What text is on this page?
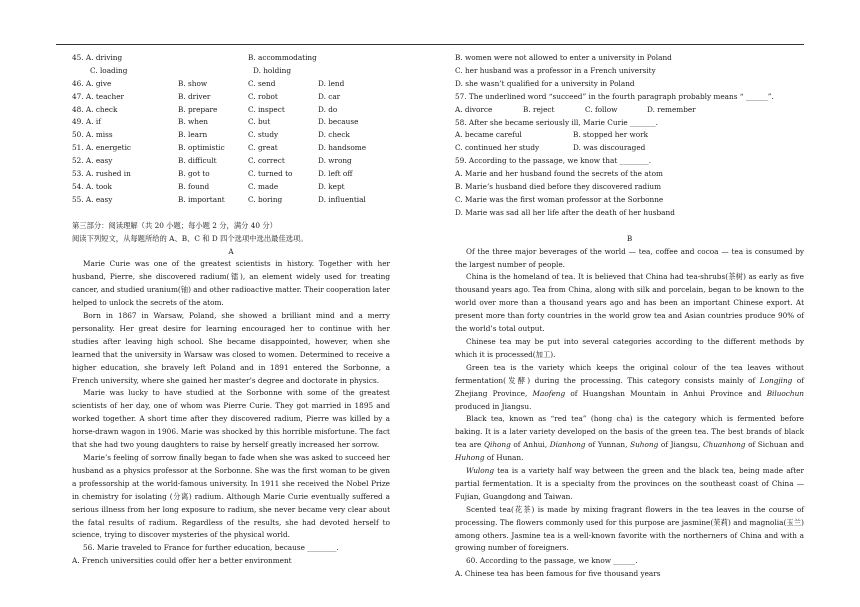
45. A. driving	B. accommodating
C. loading	D. holding
46. A. give	B. show	C. send	D. lend
47. A. teacher	B. driver	C. robot	D. car
48. A. check	B. prepare	C. inspect	D. do
49. A. if	B. when	C. but	D. because
50. A. miss	B. learn	C. study	D. check
51. A. energetic	B. optimistic	C. great	D. handsome
52. A. easy	B. difficult	C. correct	D. wrong
53. A. rushed in	B. got to	C. turned to	D. left off
54. A. took	B. found	C. made	D. kept
55. A. easy	B. important	C. boring	D. influential
第三部分：阅读理解（共 20 小题；每小题 2 分，满分 40 分）
阅读下列短文，从每题所给的 A、B、C 和 D 四个选项中选出最佳选项。
A
Marie Curie was one of the greatest scientists in history. Together with her husband, Pierre, she discovered radium(镭), an element widely used for treating cancer, and studied uranium(铀) and other radioactive matter. Their cooperation later helped to unlock the secrets of the atom.
Born in 1867 in Warsaw, Poland, she showed a brilliant mind and a merry personality. Her great desire for learning encouraged her to continue with her studies after leaving high school. She became disappointed, however, when she learned that the university in Warsaw was closed to women. Determined to receive a higher education, she bravely left Poland and in 1891 entered the Sorbonne, a French university, where she gained her master’s degree and doctorate in physics.
Marie was lucky to have studied at the Sorbonne with some of the greatest scientists of her day, one of whom was Pierre Curie. They got married in 1895 and worked together. A short time after they discovered radium, Pierre was killed by a horse-drawn wagon in 1906. Marie was shocked by this horrible misfortune. The fact that she had two young daughters to raise by herself greatly increased her sorrow.
Marie’s feeling of sorrow finally began to fade when she was asked to succeed her husband as a physics professor at the Sorbonne. She was the first woman to be given a professorship at the world-famous university. In 1911 she received the Nobel Prize in chemistry for isolating (分离) radium. Although Marie Curie eventually suffered a serious illness from her long exposure to radium, she never became very clear about the fatal results of radium. Regardless of the results, she had devoted herself to science, trying to discover mysteries of the physical world.
56. Marie traveled to France for further education, because ________.
A. French universities could offer her a better environment
B. women were not allowed to enter a university in Poland
C. her husband was a professor in a French university
D. she wasn’t qualified for a university in Poland
57. The underlined word “succeed” in the fourth paragraph probably means “ ______”.
A. divorce	B. reject	C. follow	D. remember
58. After she became seriously ill, Marie Curie _______.
A. became careful	B. stopped her work
C. continued her study	D. was discouraged
59. According to the passage, we know that ________.
A. Marie and her husband found the secrets of the atom
B. Marie’s husband died before they discovered radium
C. Marie was the first woman professor at the Sorbonne
D. Marie was sad all her life after the death of her husband
B
Of the three major beverages of the world — tea, coffee and cocoa — tea is consumed by the largest number of people.
China is the homeland of tea. It is believed that China had tea-shrubs(茶树) as early as five thousand years ago. Tea from China, along with silk and porcelain, began to be known to the world over more than a thousand years ago and has been an important Chinese export. At present more than forty countries in the world grow tea and Asian countries produce 90% of the world’s total output.
Chinese tea may be put into several categories according to the different methods by which it is processed(加工).
Green tea is the variety which keeps the original colour of the tea leaves without fermentation(发酵) during the processing. This category consists mainly of Longjing of Zhejiang Province, Maofeng of Huangshan Mountain in Anhui Province and Biluochun produced in Jiangsu.
Black tea, known as “red tea” (hong cha) is the category which is fermented before baking. It is a later variety developed on the basis of the green tea. The best brands of black tea are Qihong of Anhui, Dianhong of Yunnan, Suhong of Jiangsu, Chuanhong of Sichuan and Huhong of Hunan.
Wulong tea is a variety half way between the green and the black tea, being made after partial fermentation. It is a specialty from the provinces on the southeast coast of China — Fujian, Guangdong and Taiwan.
Scented tea(花茶) is made by mixing fragrant flowers in the tea leaves in the course of processing. The flowers commonly used for this purpose are jasmine(茉莉) and magnolia(玉兰) among others. Jasmine tea is a well-known favorite with the northerners of China and with a growing number of foreigners.
60. According to the passage, we know ______.
A. Chinese tea has been famous for five thousand years
